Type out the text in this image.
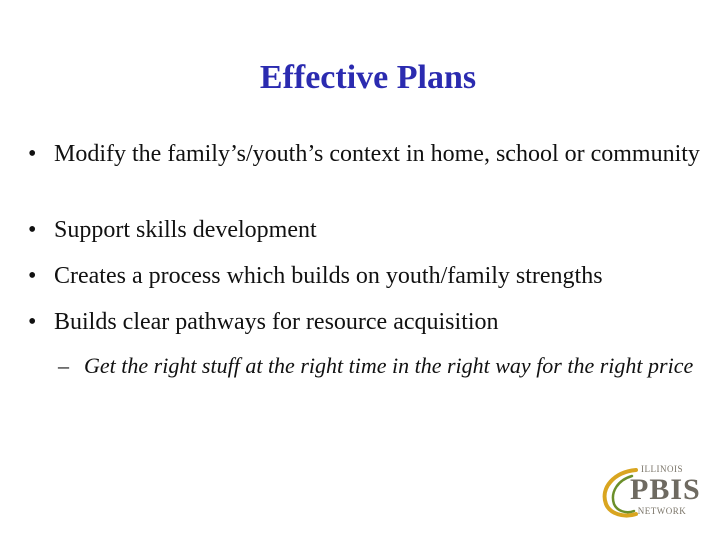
Effective Plans
• Modify the family’s/youth’s context in home, school or community
• Support skills development
• Creates a process which builds on youth/family strengths
• Builds clear pathways for resource acquisition
– Get the right stuff at the right time in the right way for the right price
ILLINOIS
PBIS
NETWORK
